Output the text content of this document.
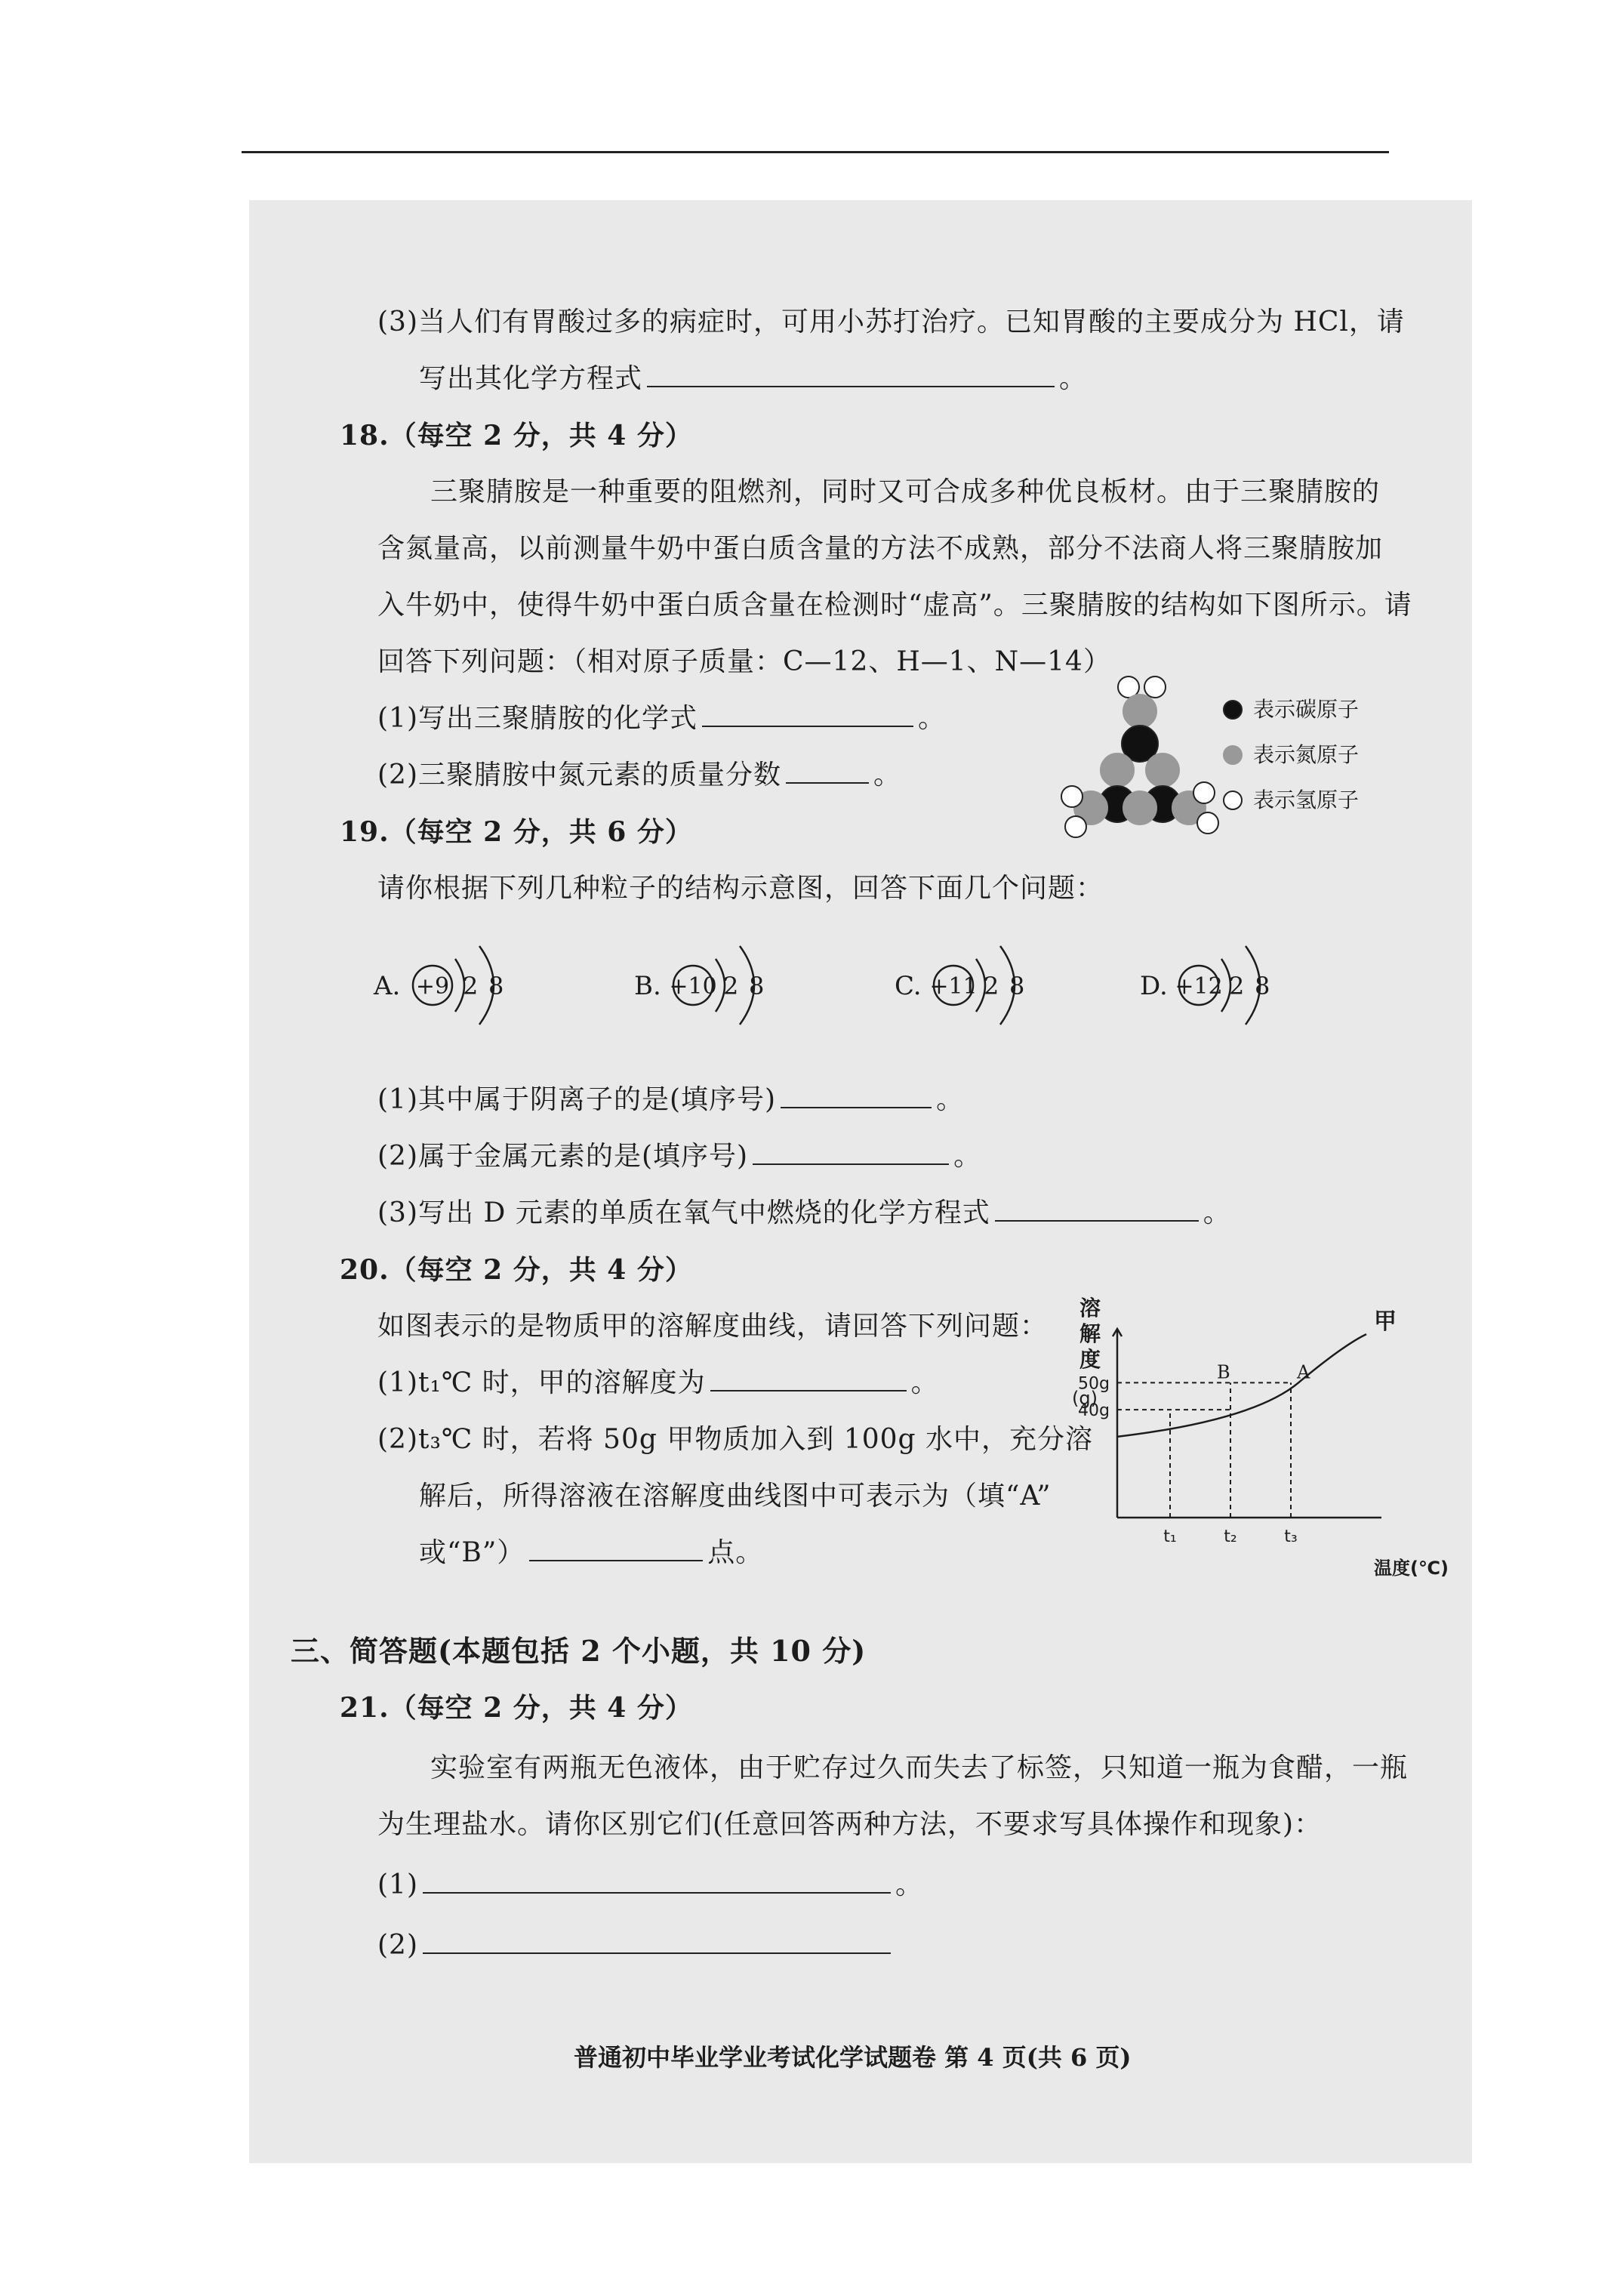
(3)当人们有胃酸过多的病症时，可用小苏打治疗。已知胃酸的主要成分为 HCl，请
写出其化学方程式	。
18.（每空 2 分，共 4 分）
三聚腈胺是一种重要的阻燃剂，同时又可合成多种优良板材。由于三聚腈胺的
含氮量高，以前测量牛奶中蛋白质含量的方法不成熟，部分不法商人将三聚腈胺加
入牛奶中，使得牛奶中蛋白质含量在检测时“虚高”。三聚腈胺的结构如下图所示。请
回答下列问题：（相对原子质量：C—12、H—1、N—14）
(1)写出三聚腈胺的化学式	。
(2)三聚腈胺中氮元素的质量分数	。
表示碳原子
表示氮原子
表示氢原子
19.（每空 2 分，共 6 分）
请你根据下列几种粒子的结构示意图，回答下面几个问题：
A. +9 2 8	B. +10 2 8	C. +11 2 8	D. +12 2 8
(1)其中属于阴离子的是(填序号)	。
(2)属于金属元素的是(填序号)	。
(3)写出 D 元素的单质在氧气中燃烧的化学方程式	。
20.（每空 2 分，共 4 分）
如图表示的是物质甲的溶解度曲线，请回答下列问题：
(1)t₁℃ 时，甲的溶解度为	。
(2)t₃℃ 时，若将 50g 甲物质加入到 100g 水中，充分溶
解后，所得溶液在溶解度曲线图中可表示为（填“A”
或“B”）	点。
溶
解
度
(g)
甲
40g
50g
t₁	t₂	t₃
温度(℃)
B	A
三、简答题(本题包括 2 个小题，共 10 分)
21.（每空 2 分，共 4 分）
实验室有两瓶无色液体，由于贮存过久而失去了标签，只知道一瓶为食醋，一瓶
为生理盐水。请你区别它们(任意回答两种方法，不要求写具体操作和现象)：
(1)	。
(2)
普通初中毕业学业考试化学试题卷 第 4 页(共 6 页)
